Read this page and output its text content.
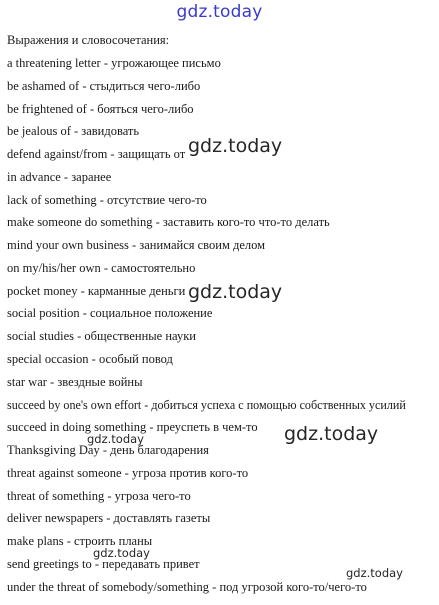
gdz.today
Выражения и словосочетания:
a threatening letter - угрожающее письмо
be ashamed of - стыдиться чего-либо
be frightened of - бояться чего-либо
be jealous of - завидовать
defend against/from - защищать от
in advance - заранее
lack of something - отсутствие чего-то
make someone do something - заставить кого-то что-то делать
mind your own business - занимайся своим делом
on my/his/her own - самостоятельно
pocket money - карманные деньги
social position - социальное положение
social studies - общественные науки
special occasion - особый повод
star war - звездные войны
succeed by one's own effort - добиться успеха с помощью собственных усилий
succeed in doing something - преуспеть в чем-то
Thanksgiving Day - день благодарения
threat against someone - угроза против кого-то
threat of something - угроза чего-то
deliver newspapers - доставлять газеты
make plans - строить планы
send greetings to - передавать привет
under the threat of somebody/something - под угрозой кого-то/чего-то
gdz.today
gdz.today
gdz.today
gdz.today
gdz.today
gdz.today
